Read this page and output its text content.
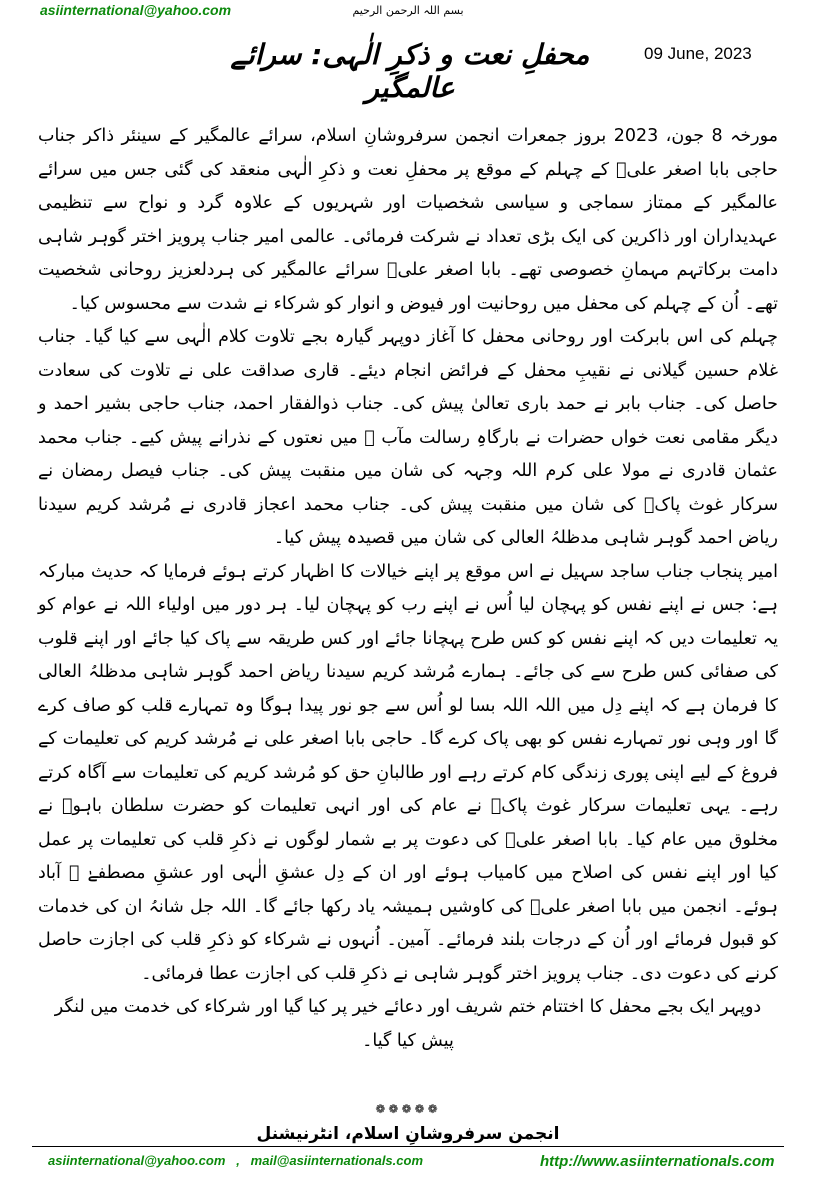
asiinternational@yahoo.com	بسم اللہ الرحمن الرحیم
09 June, 2023
محفلِ نعت و ذکرِ الٰہی: سرائے عالمگیر

مورخہ 8 جون، 2023 بروز جمعرات انجمن سرفروشانِ اسلام، سرائے عالمگیر کے سینئر ذاکر جناب حاجی بابا اصغر علیؒ کے چہلم کے موقع پر محفلِ نعت و ذکرِ الٰہی منعقد کی گئی جس میں سرائے عالمگیر کے ممتاز سماجی و سیاسی شخصیات اور شہریوں کے علاوہ گرد و نواح سے تنظیمی عہدیداران اور ذاکرین کی ایک بڑی تعداد نے شرکت فرمائی۔ عالمی امیر جناب پرویز اختر گوہر شاہی دامت برکاتہم مہمانِ خصوصی تھے۔ بابا اصغر علیؒ سرائے عالمگیر کی ہردلعزیز روحانی شخصیت تھے۔ اُن کے چہلم کی محفل میں روحانیت اور فیوض و انوار کو شرکاء نے شدت سے محسوس کیا۔

چہلم کی اس بابرکت اور روحانی محفل کا آغاز دوپہر گیارہ بجے تلاوت کلام الٰہی سے کیا گیا۔ جناب غلام حسین گیلانی نے نقیبِ محفل کے فرائض انجام دیئے۔ قاری صداقت علی نے تلاوت کی سعادت حاصل کی۔ جناب بابر نے حمد باری تعالیٰ پیش کی۔ جناب ذوالفقار احمد، جناب حاجی بشیر احمد و دیگر مقامی نعت خواں حضرات نے بارگاہِ رسالت مآب ﷺ میں نعتوں کے نذرانے پیش کیے۔ جناب محمد عثمان قادری نے مولا علی کرم اللہ وجہہ کی شان میں منقبت پیش کی۔ جناب فیصل رمضان نے سرکار غوث پاکؓ کی شان میں منقبت پیش کی۔ جناب محمد اعجاز قادری نے مُرشد کریم سیدنا ریاض احمد گوہر شاہی مدظلہُ العالی کی شان میں قصیدہ پیش کیا۔

امیر پنجاب جناب ساجد سہیل نے اس موقع پر اپنے خیالات کا اظہار کرتے ہوئے فرمایا کہ حدیث مبارکہ ہے: جس نے اپنے نفس کو پہچان لیا اُس نے اپنے رب کو پہچان لیا۔ ہر دور میں اولیاء اللہ نے عوام کو یہ تعلیمات دیں کہ اپنے نفس کو کس طرح پہچانا جائے اور کس طریقہ سے پاک کیا جائے اور اپنے قلوب کی صفائی کس طرح سے کی جائے۔ ہمارے مُرشد کریم سیدنا ریاض احمد گوہر شاہی مدظلہُ العالی کا فرمان ہے کہ اپنے دِل میں اللہ اللہ بسا لو اُس سے جو نور پیدا ہوگا وہ تمہارے قلب کو صاف کرے گا اور وہی نور تمہارے نفس کو بھی پاک کرے گا۔ حاجی بابا اصغر علی نے مُرشد کریم کی تعلیمات کے فروغ کے لیے اپنی پوری زندگی کام کرتے رہے اور طالبانِ حق کو مُرشد کریم کی تعلیمات سے آگاہ کرتے رہے۔ یہی تعلیمات سرکار غوث پاکؓ نے عام کی اور انہی تعلیمات کو حضرت سلطان باہوؒ نے مخلوق میں عام کیا۔ بابا اصغر علیؒ کی دعوت پر بے شمار لوگوں نے ذکرِ قلب کی تعلیمات پر عمل کیا اور اپنے نفس کی اصلاح میں کامیاب ہوئے اور ان کے دِل عشقِ الٰہی اور عشقِ مصطفےٰ ﷺ آباد ہوئے۔ انجمن میں بابا اصغر علیؒ کی کاوشیں ہمیشہ یاد رکھا جائے گا۔ اللہ جل شانہُ ان کی خدمات کو قبول فرمائے اور اُن کے درجات بلند فرمائے۔ آمین۔ اُنہوں نے شرکاء کو ذکرِ قلب کی اجازت حاصل کرنے کی دعوت دی۔ جناب پرویز اختر گوہر شاہی نے ذکرِ قلب کی اجازت عطا فرمائی۔

دوپہر ایک بجے محفل کا اختتام ختم شریف اور دعائے خیر پر کیا گیا اور شرکاء کی خدمت میں لنگر پیش کیا گیا۔

❁❁❁❁❁
انجمن سرفروشانِ اسلام، انٹرنیشنل
asiinternational@yahoo.com   ,   mail@asiinternationals.com	http://www.asiinternationals.com
